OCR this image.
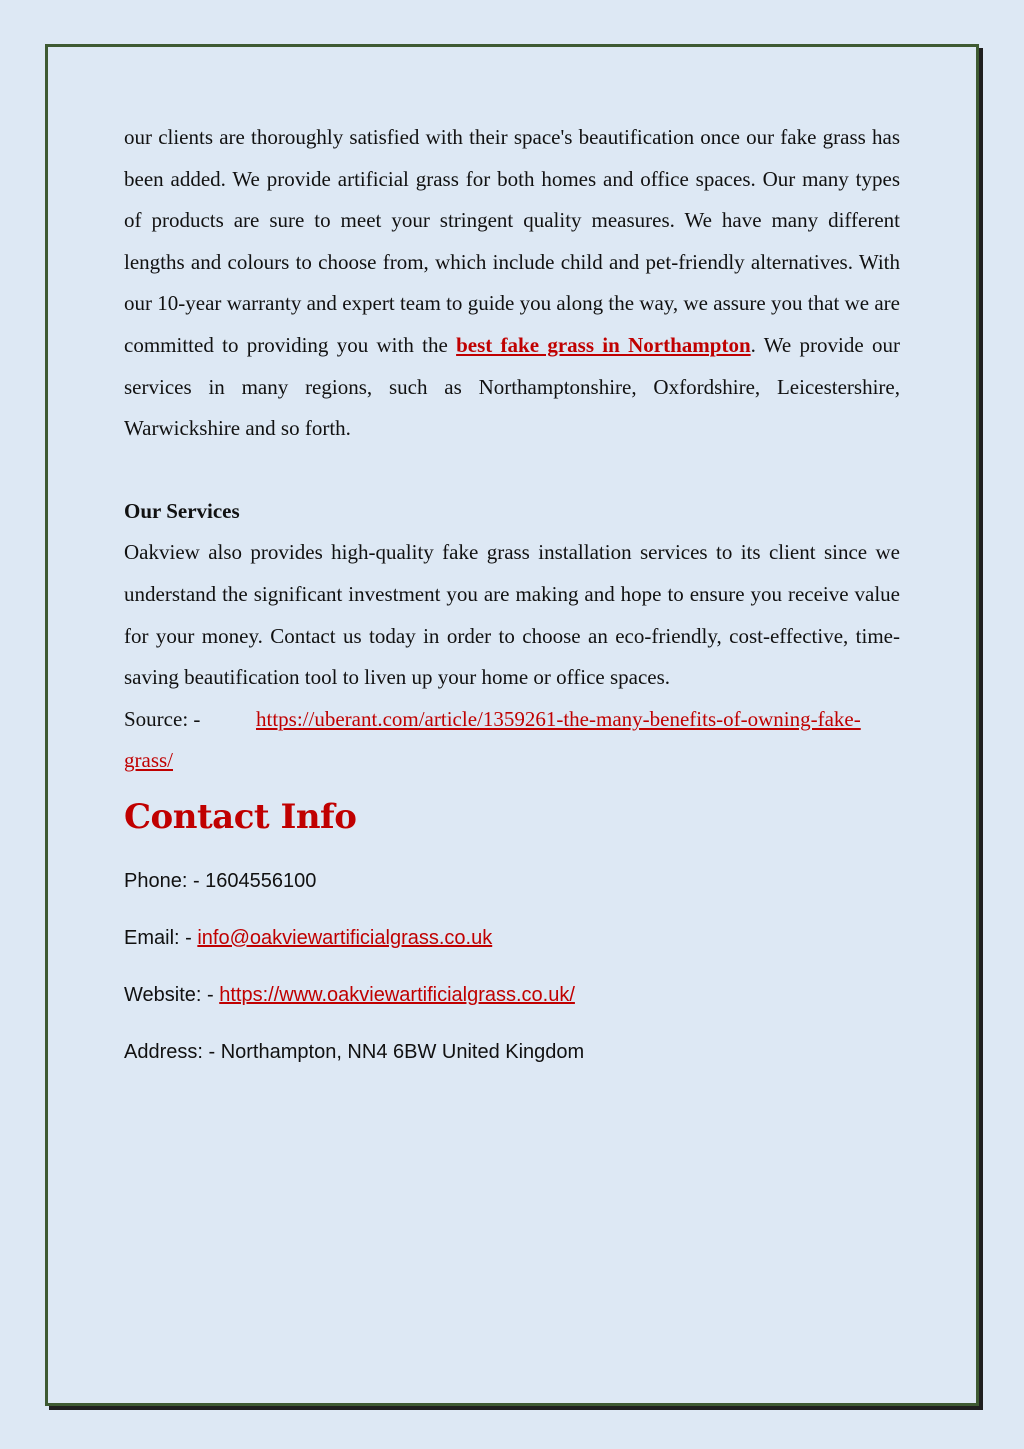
our clients are thoroughly satisfied with their space's beautification once our fake grass has been added. We provide artificial grass for both homes and office spaces. Our many types of products are sure to meet your stringent quality measures. We have many different lengths and colours to choose from, which include child and pet-friendly alternatives. With our 10-year warranty and expert team to guide you along the way, we assure you that we are committed to providing you with the best fake grass in Northampton. We provide our services in many regions, such as Northamptonshire, Oxfordshire, Leicestershire, Warwickshire and so forth.

Our Services

Oakview also provides high-quality fake grass installation services to its client since we understand the significant investment you are making and hope to ensure you receive value for your money. Contact us today in order to choose an eco-friendly, cost-effective, time-saving beautification tool to liven up your home or office spaces.

Source: -	https://uberant.com/article/1359261-the-many-benefits-of-owning-fake-grass/

Contact Info

Phone: - 1604556100

Email: - info@oakviewartificialgrass.co.uk

Website: - https://www.oakviewartificialgrass.co.uk/

Address: - Northampton, NN4 6BW United Kingdom
